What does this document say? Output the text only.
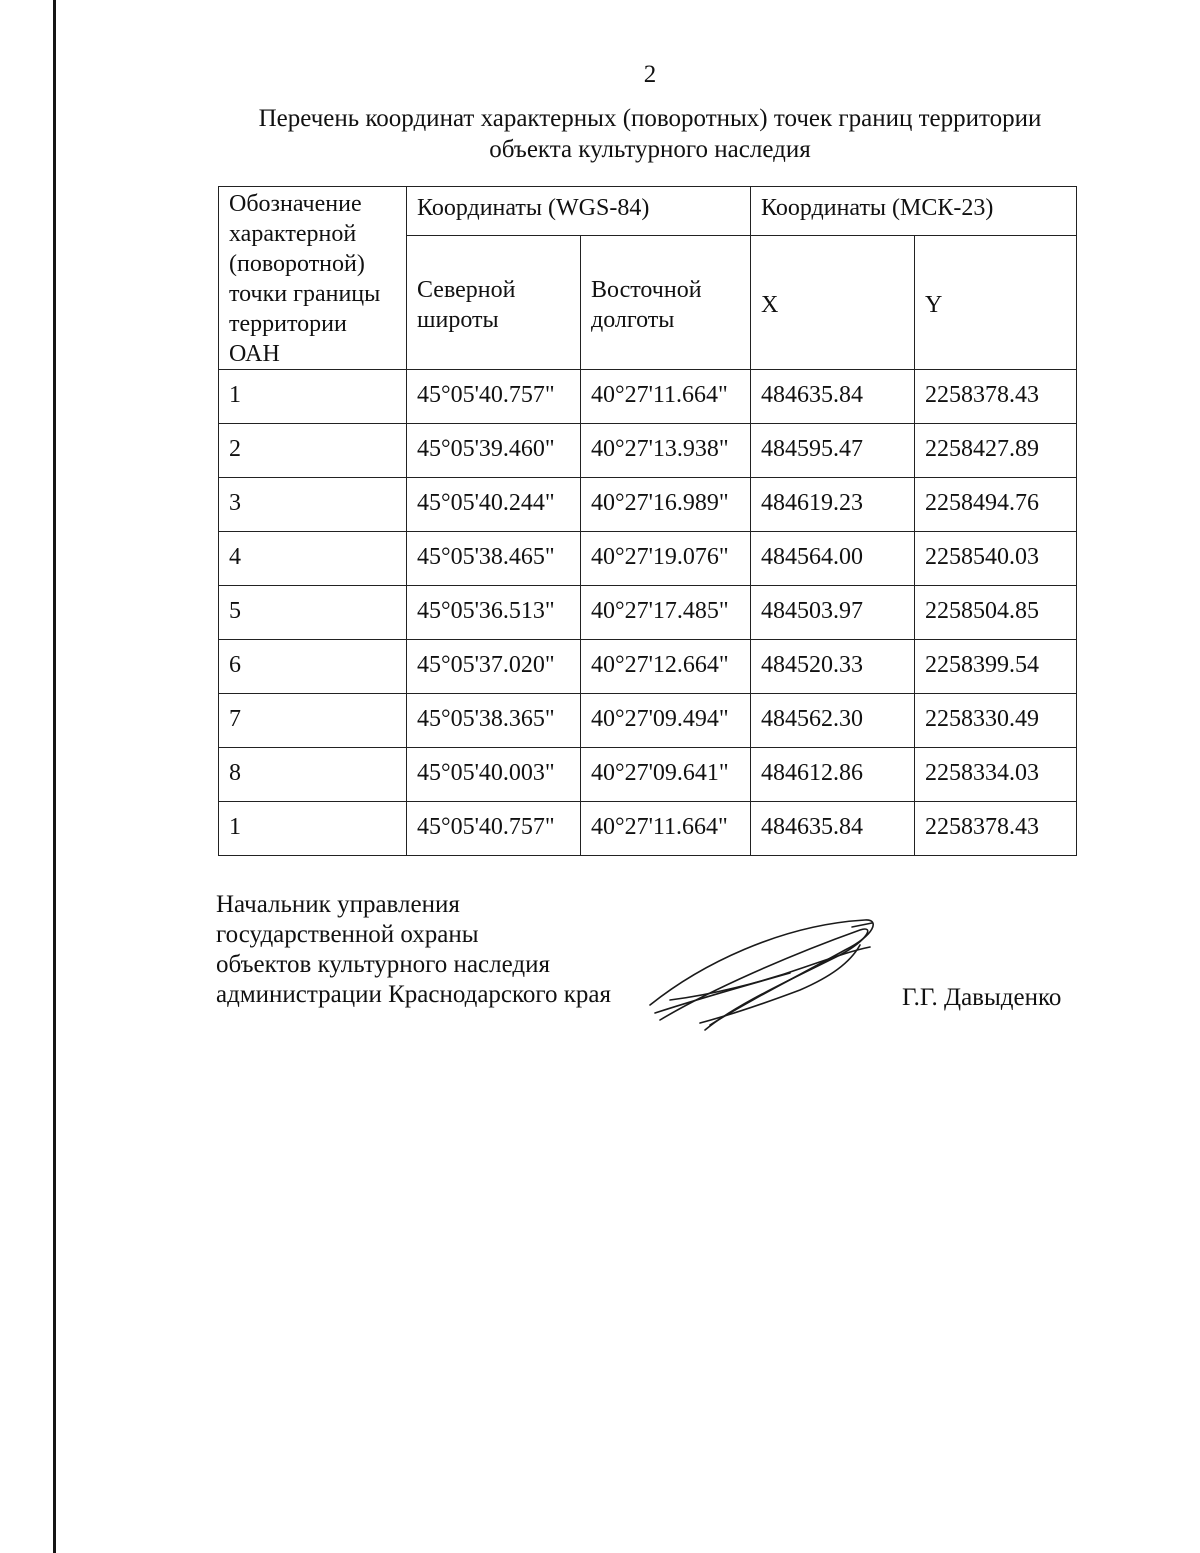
2
Перечень координат характерных (поворотных) точек границ территории
объекта культурного наследия
Обозначение характерной (поворотной) точки границы территории ОАН	Координаты (WGS-84)		Координаты (МСК-23)	
	Северной широты	Восточной долготы	X	Y
1	45°05'40.757"	40°27'11.664"	484635.84	2258378.43
2	45°05'39.460"	40°27'13.938"	484595.47	2258427.89
3	45°05'40.244"	40°27'16.989"	484619.23	2258494.76
4	45°05'38.465"	40°27'19.076"	484564.00	2258540.03
5	45°05'36.513"	40°27'17.485"	484503.97	2258504.85
6	45°05'37.020"	40°27'12.664"	484520.33	2258399.54
7	45°05'38.365"	40°27'09.494"	484562.30	2258330.49
8	45°05'40.003"	40°27'09.641"	484612.86	2258334.03
1	45°05'40.757"	40°27'11.664"	484635.84	2258378.43
Начальник управления
государственной охраны
объектов культурного наследия
администрации Краснодарского края	Г.Г. Давыденко
